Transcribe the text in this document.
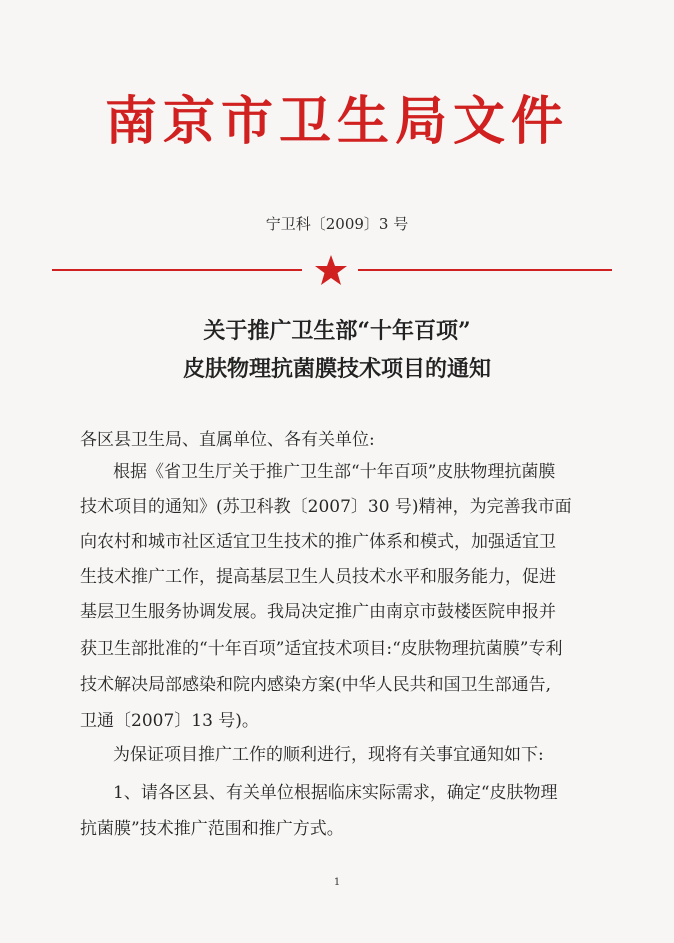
南京市卫生局文件
宁卫科〔2009〕3 号
关于推广卫生部“十年百项”
皮肤物理抗菌膜技术项目的通知
各区县卫生局、直属单位、各有关单位:
根据《省卫生厅关于推广卫生部“十年百项”皮肤物理抗菌膜
技术项目的通知》(苏卫科教〔2007〕30 号)精神，为完善我市面
向农村和城市社区适宜卫生技术的推广体系和模式，加强适宜卫
生技术推广工作，提高基层卫生人员技术水平和服务能力，促进
基层卫生服务协调发展。我局决定推广由南京市鼓楼医院申报并
获卫生部批准的“十年百项”适宜技术项目:“皮肤物理抗菌膜”专利
技术解决局部感染和院内感染方案(中华人民共和国卫生部通告,
卫通〔2007〕13 号)。
为保证项目推广工作的顺利进行，现将有关事宜通知如下:
1、请各区县、有关单位根据临床实际需求，确定“皮肤物理
抗菌膜”技术推广范围和推广方式。
1
